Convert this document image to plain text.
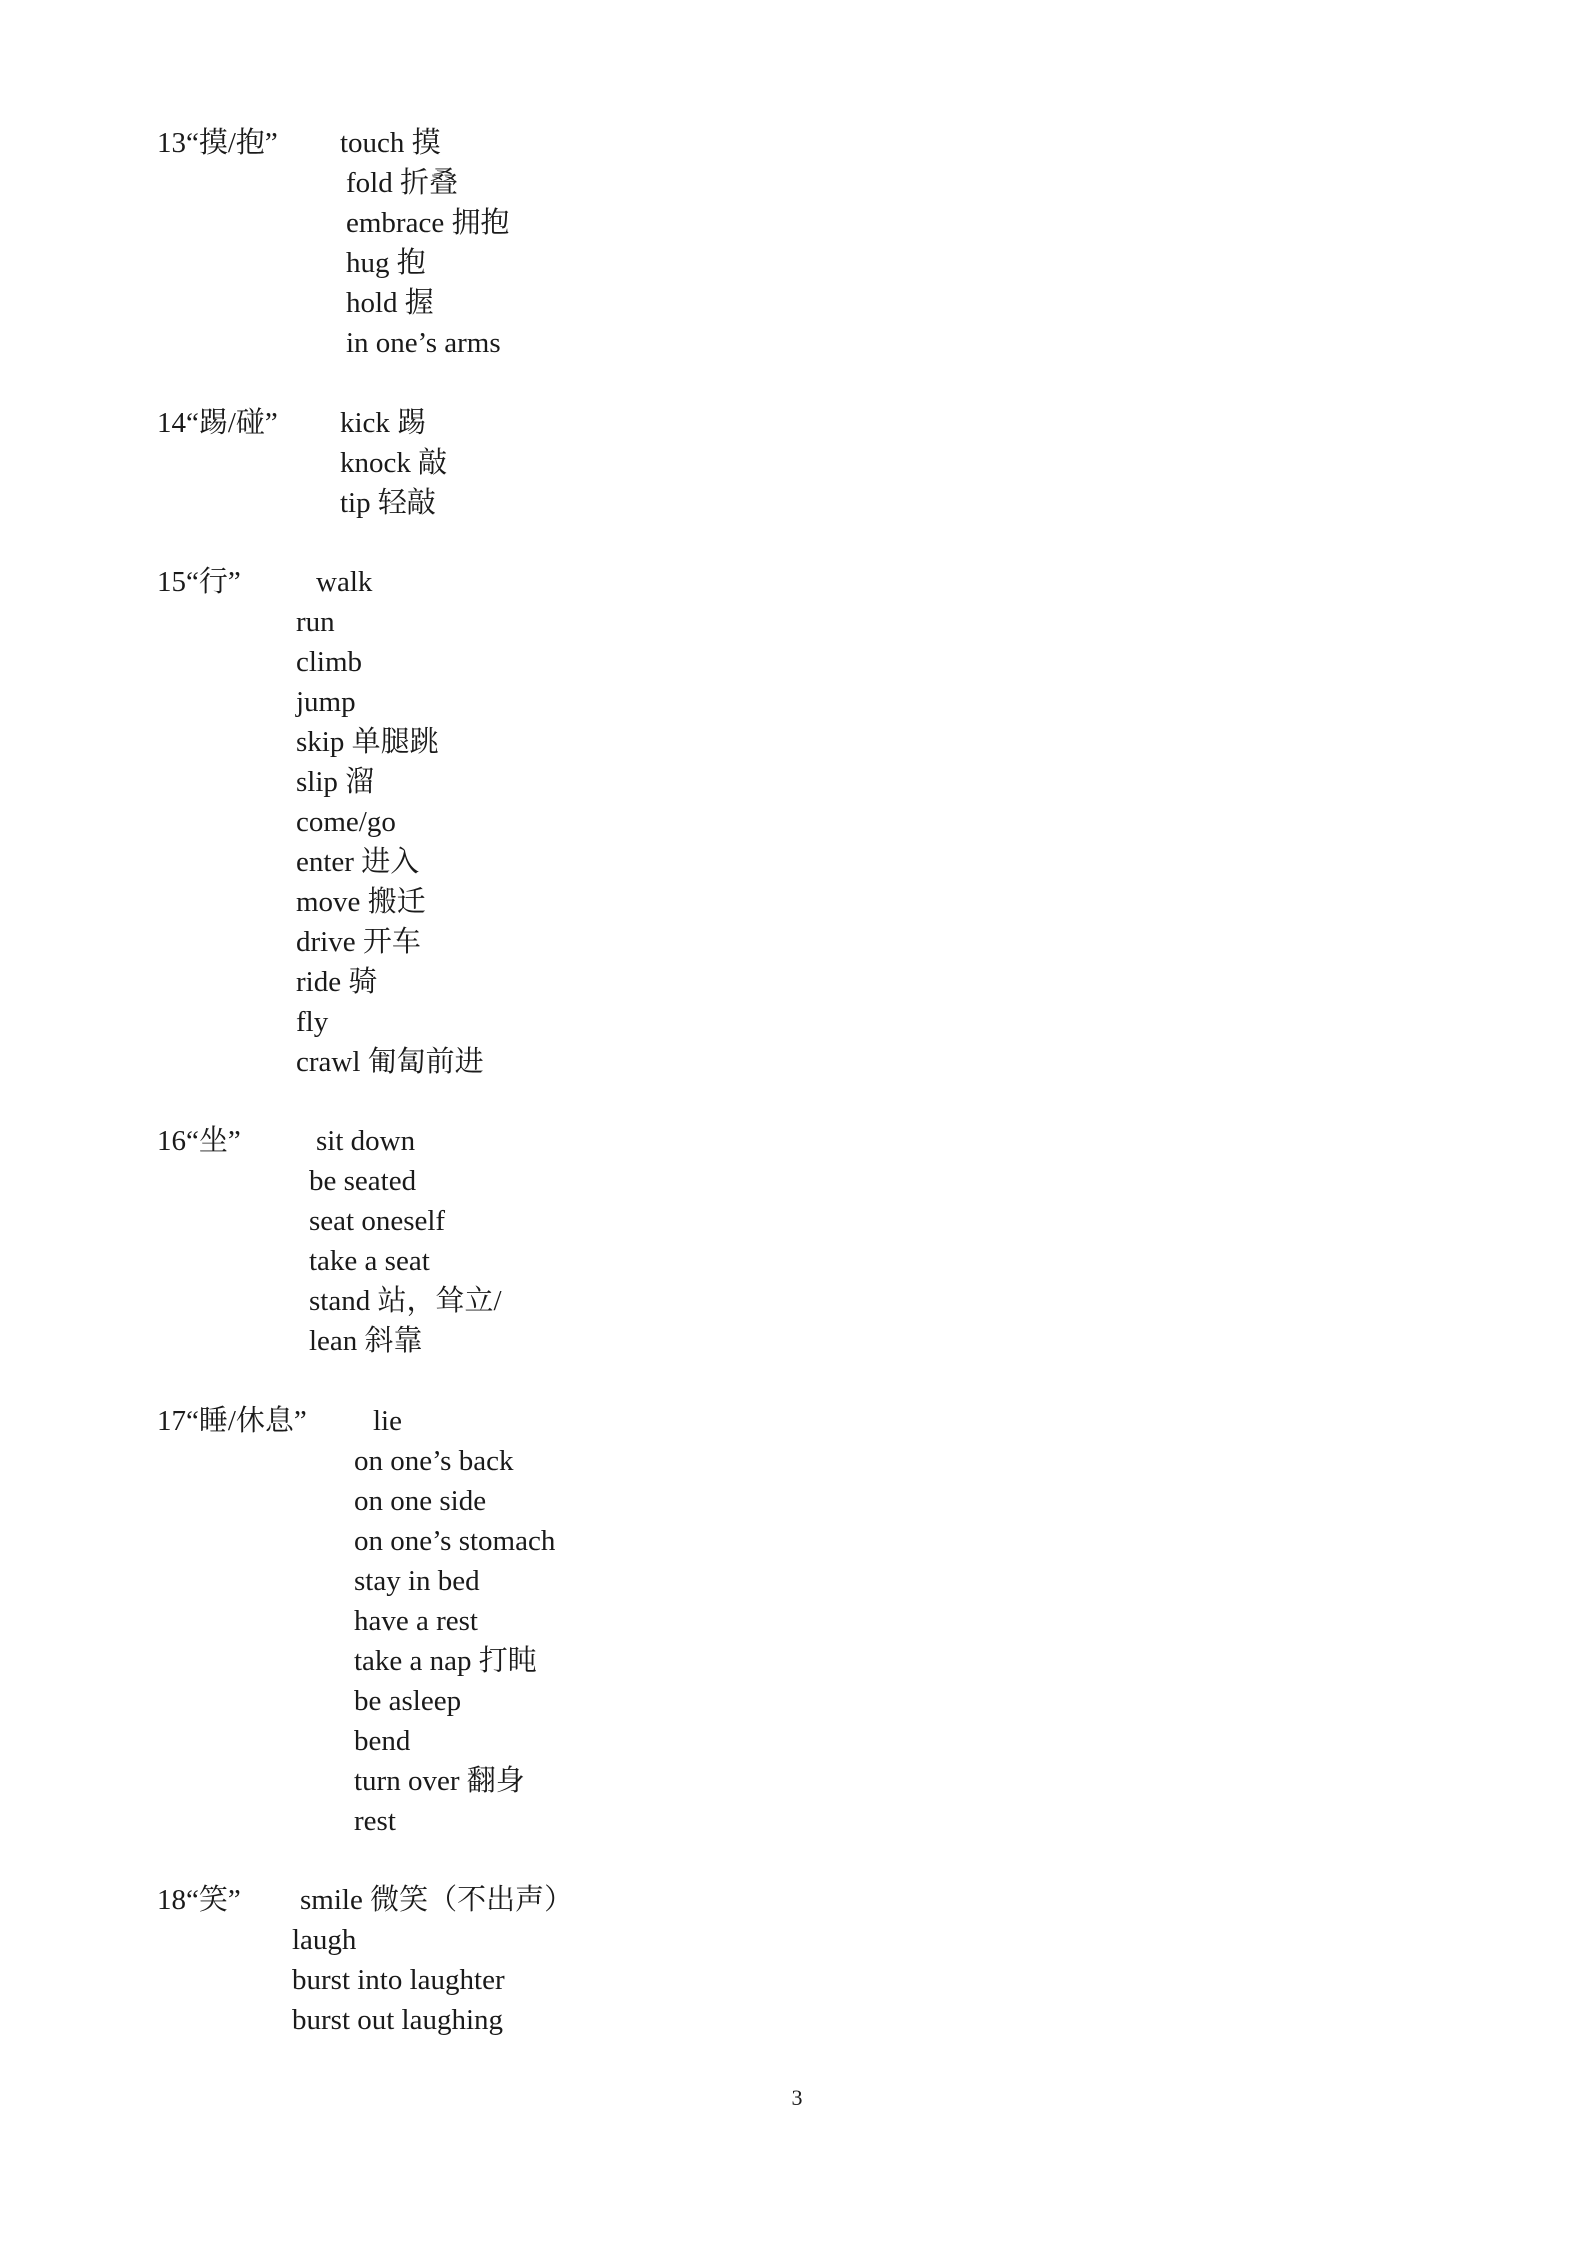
13“摸/抱” touch 摸
fold 折叠
embrace 拥抱
hug 抱
hold 握
in one’s arms
14“踢/碰” kick 踢
knock 敲
tip 轻敲
15“行”	walk
run
climb
jump
skip 单腿跳
slip 溜
come/go
enter 进入
move 搬迁
drive 开车
ride 骑
fly
crawl 匍匐前进
16“坐”	sit down
be seated
seat oneself
take a seat
stand 站，耸立/
lean 斜靠
17“睡/休息” lie
on one’s back
on one side
on one’s stomach
stay in bed
have a rest
take a nap 打盹
be asleep
bend
turn over 翻身
rest
18“笑” smile 微笑（不出声）
laugh
burst into laughter
burst out laughing
3
